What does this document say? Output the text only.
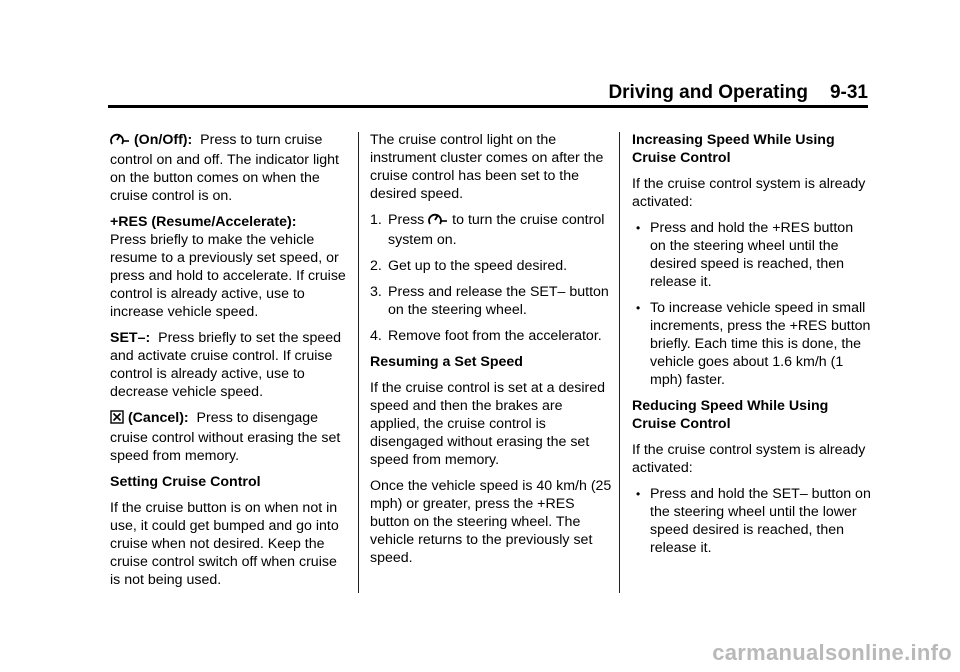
Driving and Operating 9-31

(On/Off): Press to turn cruise control on and off. The indicator light on the button comes on when the cruise control is on.

+RES (Resume/Accelerate):
Press briefly to make the vehicle resume to a previously set speed, or press and hold to accelerate. If cruise control is already active, use to increase vehicle speed.

SET–: Press briefly to set the speed and activate cruise control. If cruise control is already active, use to decrease vehicle speed.

(Cancel): Press to disengage cruise control without erasing the set speed from memory.

Setting Cruise Control

If the cruise button is on when not in use, it could get bumped and go into cruise when not desired. Keep the cruise control switch off when cruise is not being used.

The cruise control light on the instrument cluster comes on after the cruise control has been set to the desired speed.

1. Press to turn the cruise control system on.
2. Get up to the speed desired.
3. Press and release the SET– button on the steering wheel.
4. Remove foot from the accelerator.
Resuming a Set Speed

If the cruise control is set at a desired speed and then the brakes are applied, the cruise control is disengaged without erasing the set speed from memory.

Once the vehicle speed is 40 km/h (25 mph) or greater, press the +RES button on the steering wheel. The vehicle returns to the previously set speed.

Increasing Speed While Using Cruise Control

If the cruise control system is already activated:

• Press and hold the +RES button on the steering wheel until the desired speed is reached, then release it.
• To increase vehicle speed in small increments, press the +RES button briefly. Each time this is done, the vehicle goes about 1.6 km/h (1 mph) faster.
Reducing Speed While Using Cruise Control

If the cruise control system is already activated:

• Press and hold the SET– button on the steering wheel until the lower speed desired is reached, then release it.
carmanualsonline.info
